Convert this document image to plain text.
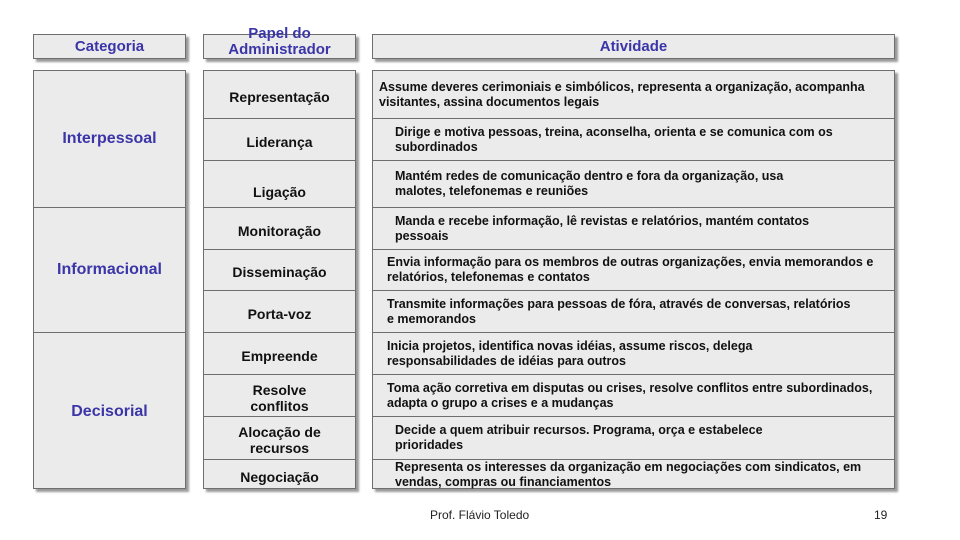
Categoria
Papel do
Administrador	Atividade
Interpessoal
Informacional
Decisorial
Representação
Liderança
Ligação
Monitoração
Disseminação
Porta-voz
Empreende
Resolve conflitos
Alocação de recursos
Negociação
Assume deveres cerimoniais e simbólicos, representa a organização, acompanha visitantes, assina documentos legais
Dirige e motiva pessoas, treina, aconselha, orienta e se comunica com os subordinados
Mantém redes de comunicação dentro e fora da organização, usa malotes, telefonemas e reuniões
Manda e recebe informação, lê revistas e relatórios, mantém contatos pessoais
Envia informação para os membros de outras organizações, envia memorandos e relatórios, telefonemas e contatos
Transmite informações para pessoas de fóra, através de conversas, relatórios e memorandos
Inicia projetos, identifica novas idéias, assume riscos, delega responsabilidades de idéias para outros
Toma ação corretiva em disputas ou crises, resolve conflitos entre subordinados, adapta o grupo a crises e a mudanças
Decide a quem atribuir recursos. Programa, orça e estabelece prioridades
Representa os interesses da organização em negociações com sindicatos, em vendas, compras ou financiamentos
Prof. Flávio Toledo	19
